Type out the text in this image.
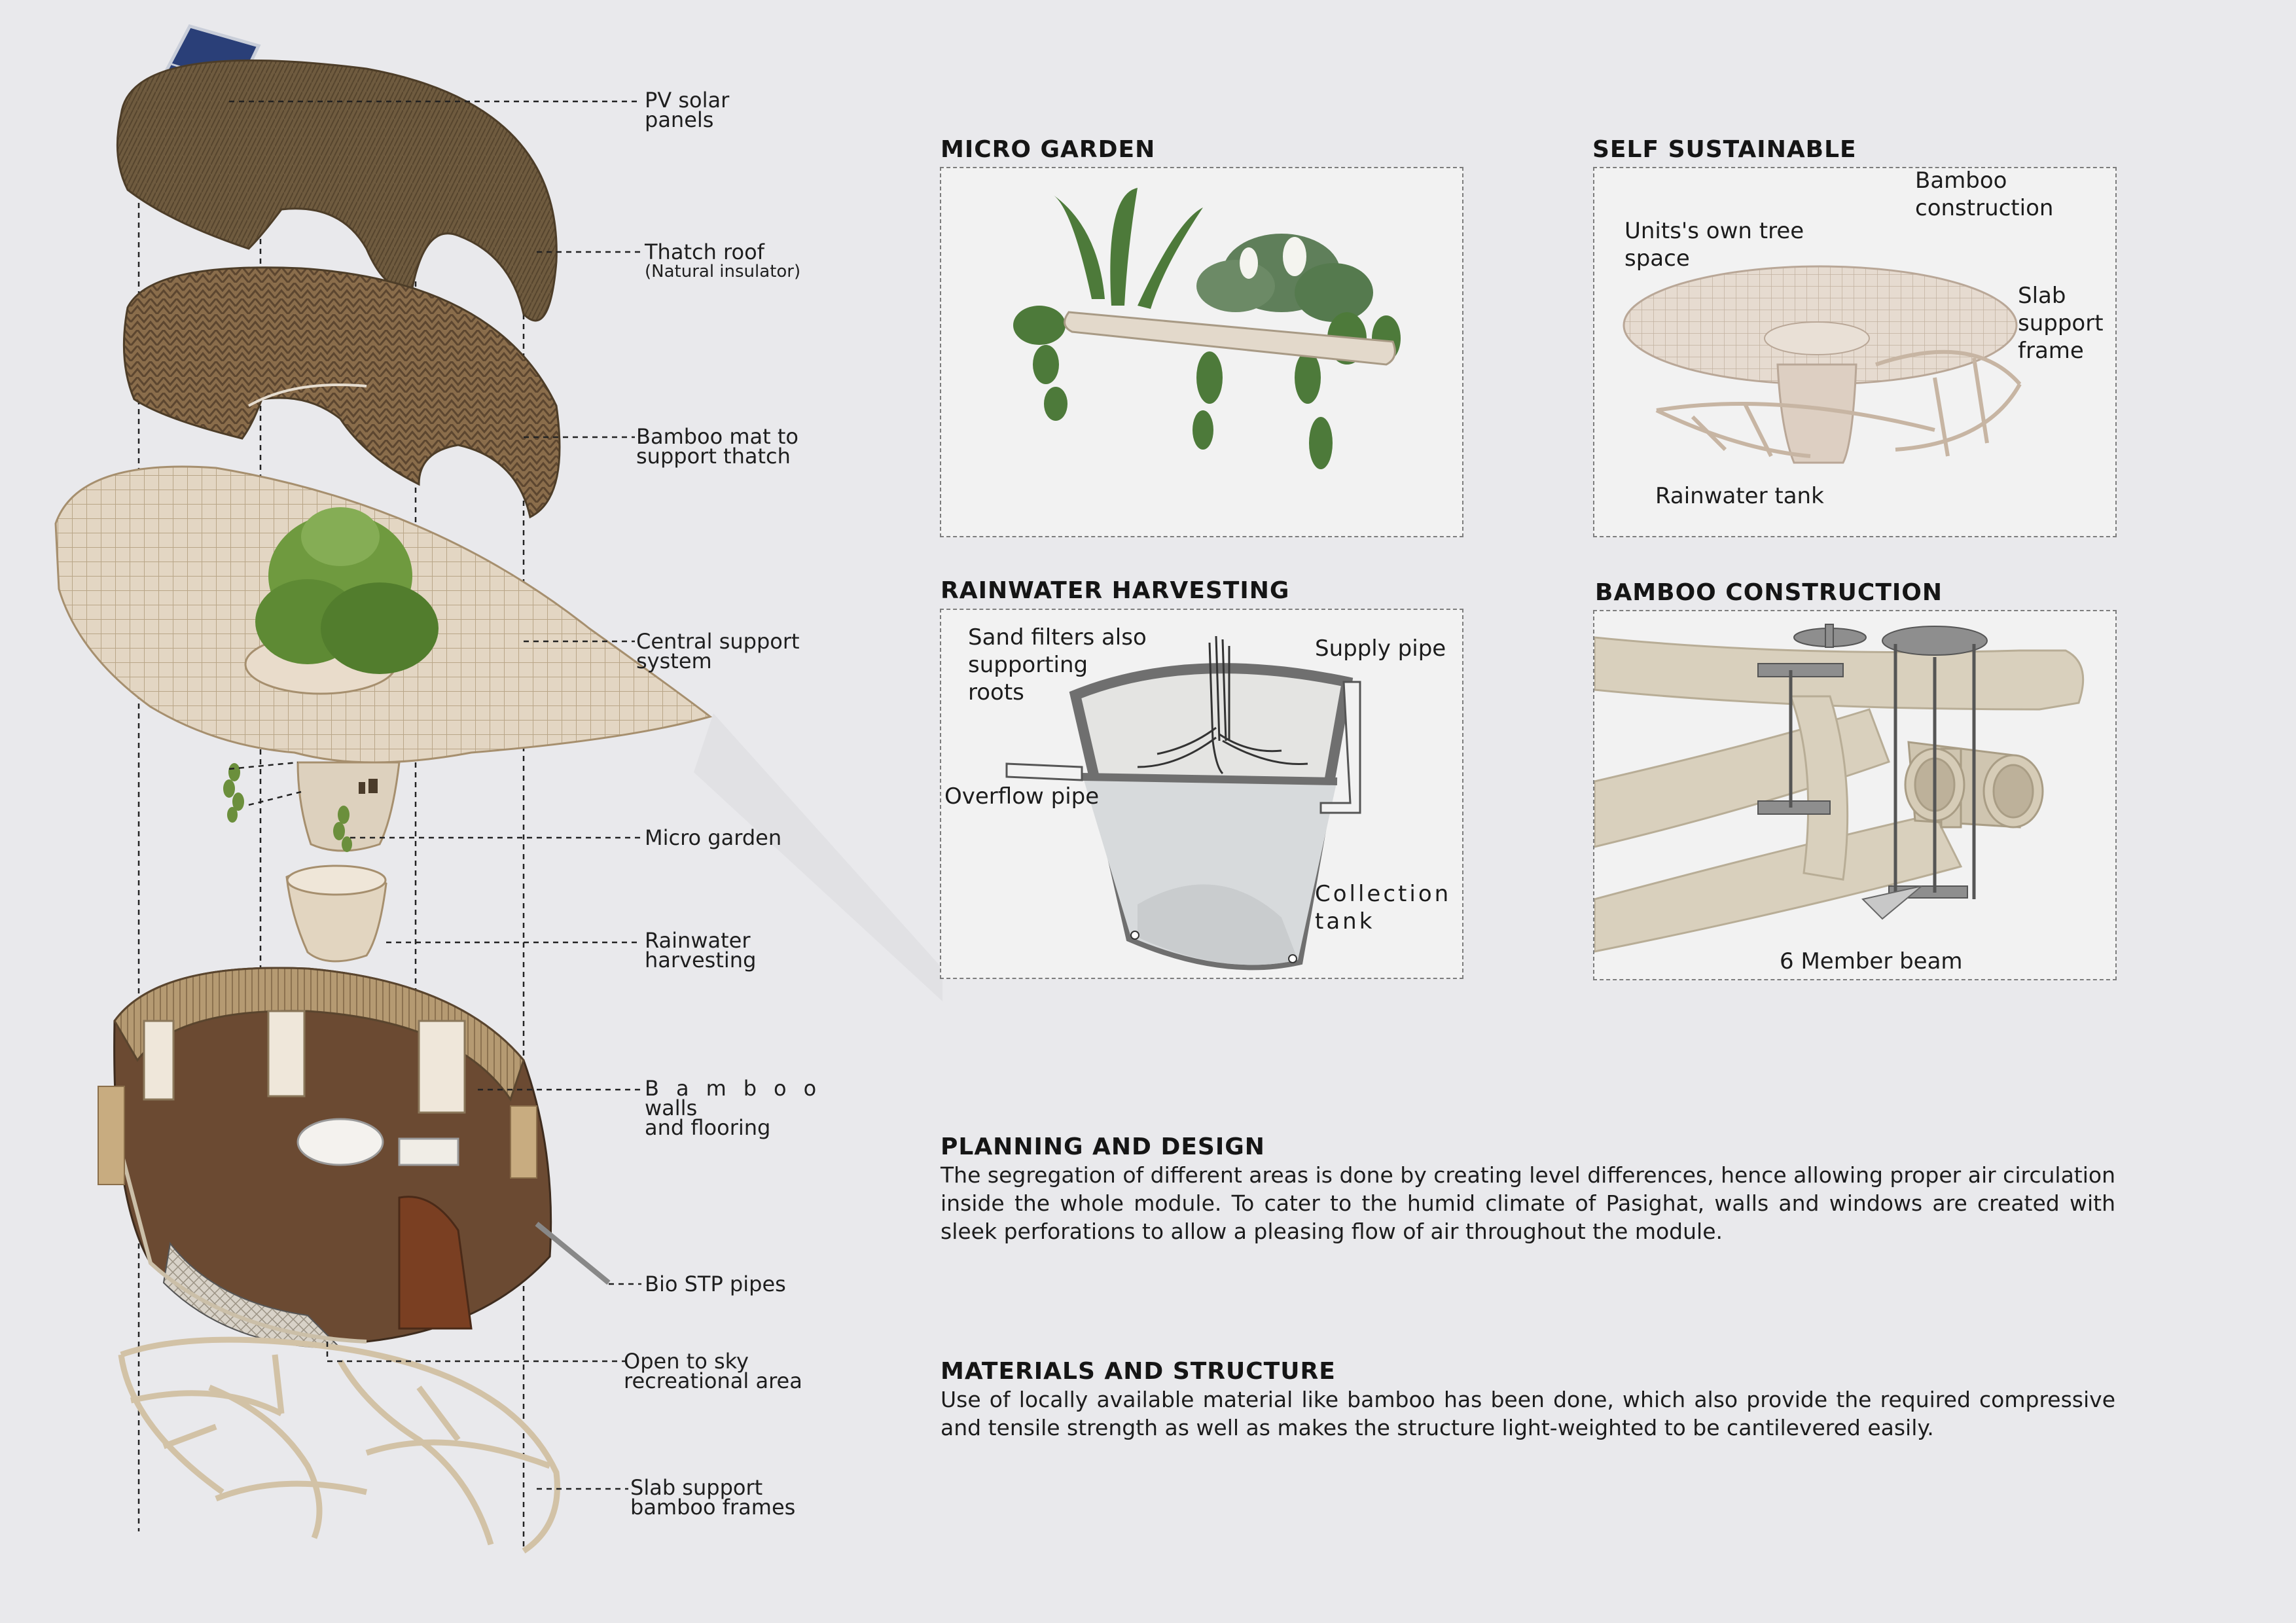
PV solar
panels
Thatch roof
(Natural insulator)
Bamboo mat to
support thatch
Central support
system
Micro garden
Rainwater
harvesting
Bamboo
walls
and flooring
Bio STP pipes
Open to sky
recreational area
Slab support
bamboo frames
MICRO GARDEN	SELF SUSTAINABLE
Bamboo
construction
Units's own tree
space
Slab
support
frame
Rainwater tank
RAINWATER HARVESTING
Sand filters also
supporting
roots
Supply pipe
Overflow pipe
Collection
tank
BAMBOO CONSTRUCTION
6 Member beam
PLANNING AND DESIGN
The segregation of different areas is done by creating level differences, hence allowing proper air circulation inside the whole module. To cater to the humid climate of Pasighat, walls and windows are created with sleek perforations to allow a pleasing flow of air throughout the module.
MATERIALS AND STRUCTURE
Use of locally available material like bamboo has been done, which also provide the required compressive and tensile strength as well as makes the structure light-weighted to be cantilevered easily.
